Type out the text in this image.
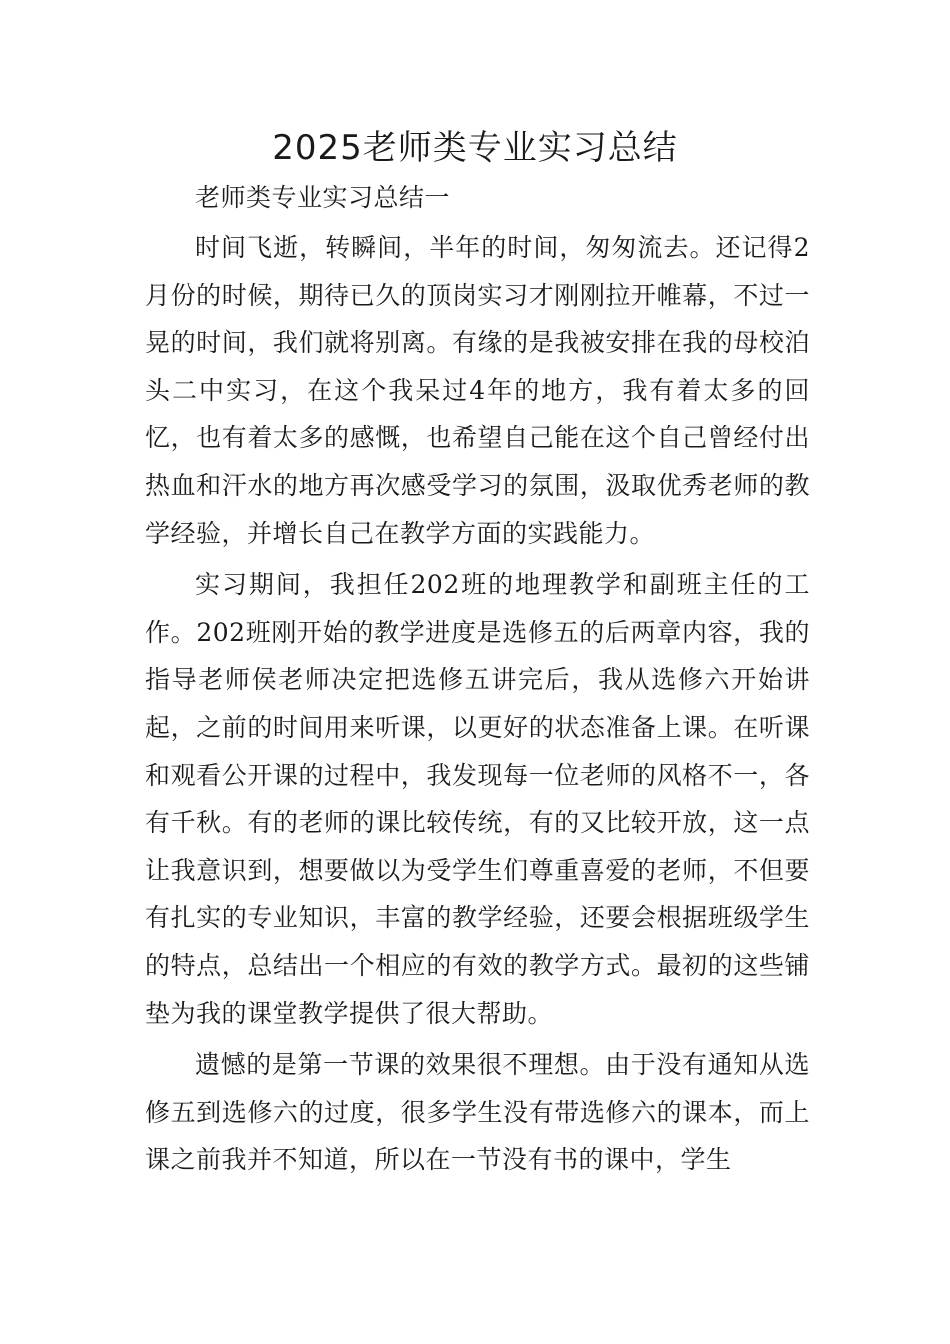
2025老师类专业实习总结

老师类专业实习总结一

时间飞逝，转瞬间，半年的时间，匆匆流去。还记得2月份的时候，期待已久的顶岗实习才刚刚拉开帷幕，不过一晃的时间，我们就将别离。有缘的是我被安排在我的母校泊头二中实习，在这个我呆过4年的地方，我有着太多的回忆，也有着太多的感慨，也希望自己能在这个自己曾经付出热血和汗水的地方再次感受学习的氛围，汲取优秀老师的教学经验，并增长自己在教学方面的实践能力。

实习期间，我担任202班的地理教学和副班主任的工作。202班刚开始的教学进度是选修五的后两章内容，我的指导老师侯老师决定把选修五讲完后，我从选修六开始讲起，之前的时间用来听课，以更好的状态准备上课。在听课和观看公开课的过程中，我发现每一位老师的风格不一，各有千秋。有的老师的课比较传统，有的又比较开放，这一点让我意识到，想要做以为受学生们尊重喜爱的老师，不但要有扎实的专业知识，丰富的教学经验，还要会根据班级学生的特点，总结出一个相应的有效的教学方式。最初的这些铺垫为我的课堂教学提供了很大帮助。

遗憾的是第一节课的效果很不理想。由于没有通知从选修五到选修六的过度，很多学生没有带选修六的课本，而上课之前我并不知道，所以在一节没有书的课中，学生
